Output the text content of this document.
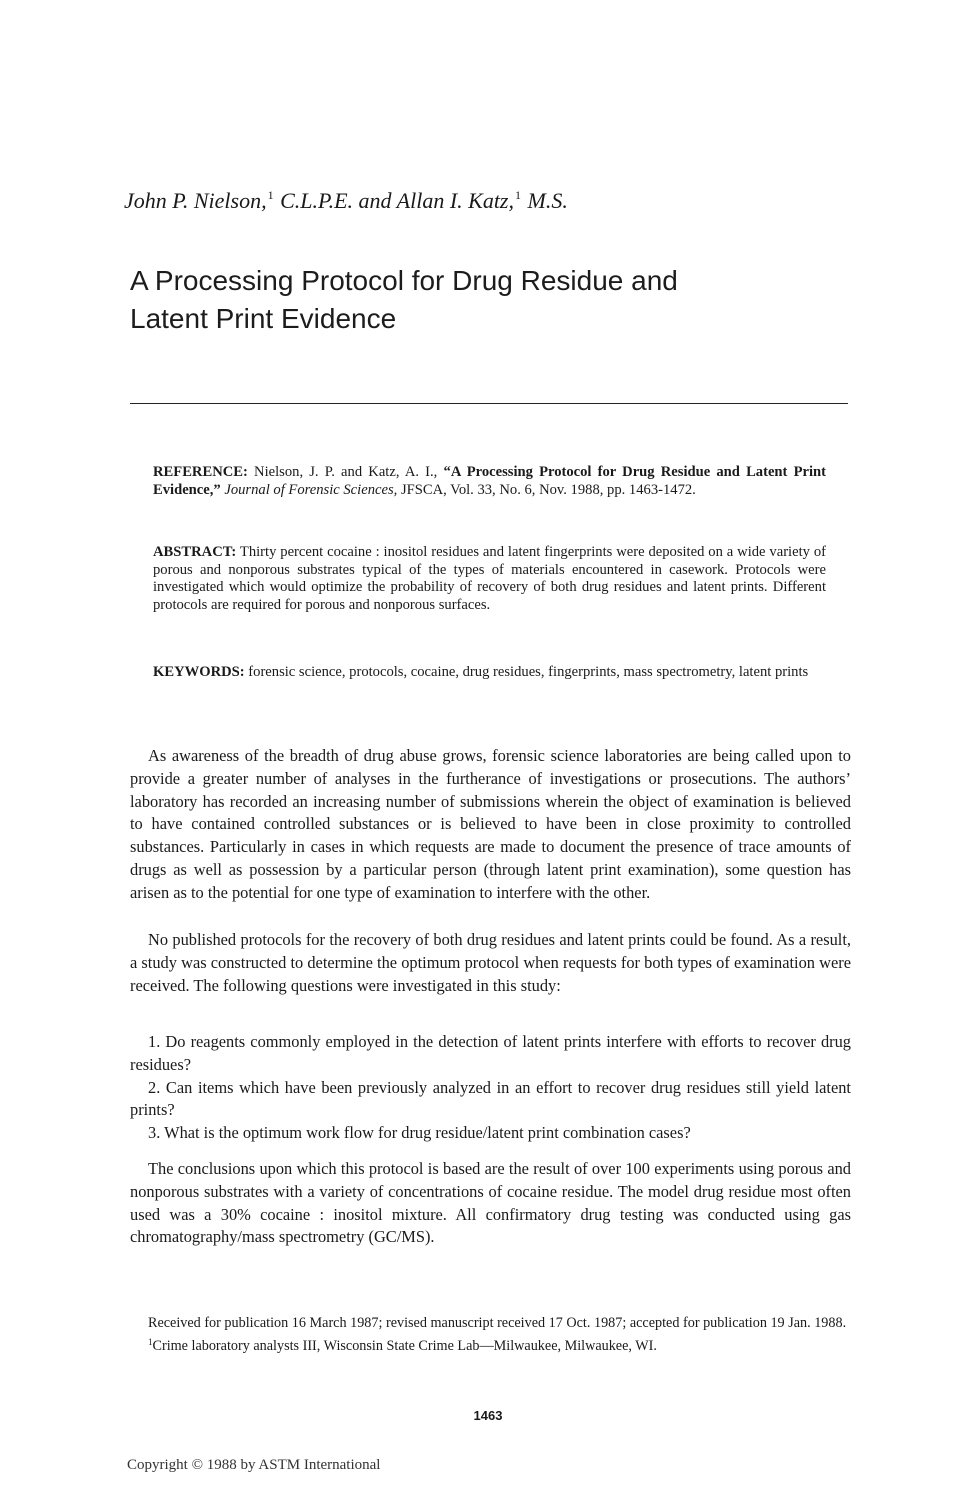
John P. Nielson,$^1$ C.L.P.E. and Allan I. Katz,$^1$ M.S.
A Processing Protocol for Drug Residue and
Latent Print Evidence
REFERENCE: Nielson, J. P. and Katz, A. I., “A Processing Protocol for Drug Residue and Latent Print Evidence,” Journal of Forensic Sciences, JFSCA, Vol. 33, No. 6, Nov. 1988, pp. 1463-1472.
ABSTRACT: Thirty percent cocaine : inositol residues and latent fingerprints were deposited on a wide variety of porous and nonporous substrates typical of the types of materials encountered in casework. Protocols were investigated which would optimize the probability of recovery of both drug residues and latent prints. Different protocols are required for porous and nonporous surfaces.
KEYWORDS: forensic science, protocols, cocaine, drug residues, fingerprints, mass spectrometry, latent prints

As awareness of the breadth of drug abuse grows, forensic science laboratories are being called upon to provide a greater number of analyses in the furtherance of investigations or prosecutions. The authors’ laboratory has recorded an increasing number of submissions wherein the object of examination is believed to have contained controlled substances or is believed to have been in close proximity to controlled substances. Particularly in cases in which requests are made to document the presence of trace amounts of drugs as well as possession by a particular person (through latent print examination), some question has arisen as to the potential for one type of examination to interfere with the other.

No published protocols for the recovery of both drug residues and latent prints could be found. As a result, a study was constructed to determine the optimum protocol when requests for both types of examination were received. The following questions were investigated in this study:

1. Do reagents commonly employed in the detection of latent prints interfere with efforts to recover drug residues?
2. Can items which have been previously analyzed in an effort to recover drug residues still yield latent prints?
3. What is the optimum work flow for drug residue/latent print combination cases?

The conclusions upon which this protocol is based are the result of over 100 experiments using porous and nonporous substrates with a variety of concentrations of cocaine residue. The model drug residue most often used was a 30% cocaine : inositol mixture. All confirmatory drug testing was conducted using gas chromatography/mass spectrometry (GC/MS).

Received for publication 16 March 1987; revised manuscript received 17 Oct. 1987; accepted for publication 19 Jan. 1988.
$^1$Crime laboratory analysts III, Wisconsin State Crime Lab—Milwaukee, Milwaukee, WI.
1463
Copyright © 1988 by ASTM International
